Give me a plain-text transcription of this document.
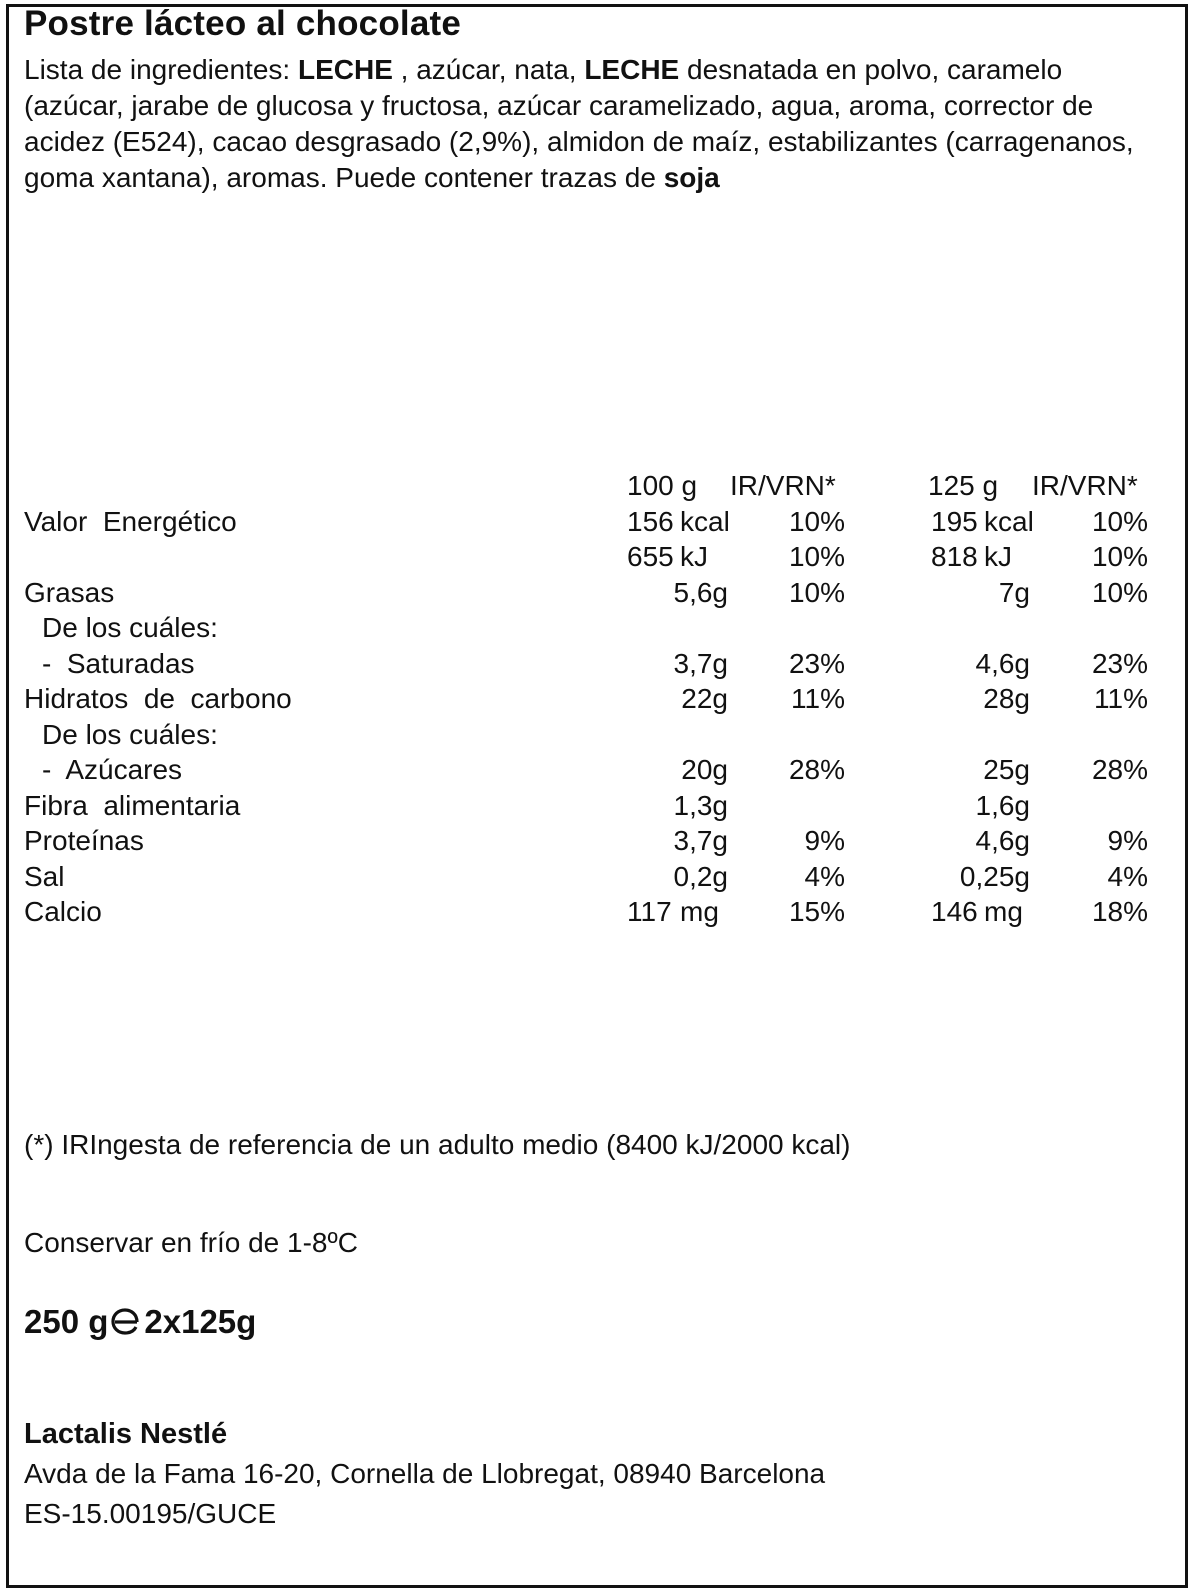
Postre lácteo al chocolate
Lista de ingredientes: LECHE , azúcar, nata, LECHE desnatada en polvo, caramelo (azúcar, jarabe de glucosa y fructosa, azúcar caramelizado, agua, aroma, corrector de acidez (E524), cacao desgrasado (2,9%), almidon de maíz, estabilizantes (carragenanos, goma xantana), aromas. Puede contener trazas de soja
100 g IR/VRN*	125 g IR/VRN*
Valor  Energético	156 kcal 10%	195 kcal 10%
655 kJ	10%	818 kJ	10%
Grasas	5,6g 10%	7g 10%
De los cuáles:
-  Saturadas	3,7g 23%	4,6g 23%
Hidratos  de  carbono	22g 11%	28g 11%
De los cuáles:
-  Azúcares	20g 28%	25g 28%
Fibra  alimentaria	1,3g	1,6g
Proteínas	3,7g	9%	4,6g	9%
Sal	0,2g	4%	0,25g	4%
Calcio	117 mg	15%	146 mg 18%
(*) IRIngesta de referencia de un adulto medio (8400 kJ/2000 kcal)
Conservar en frío de 1-8ºC
250 g 2x125g
Lactalis Nestlé
Avda de la Fama 16-20, Cornella de Llobregat, 08940 Barcelona
ES-15.00195/GUCE
